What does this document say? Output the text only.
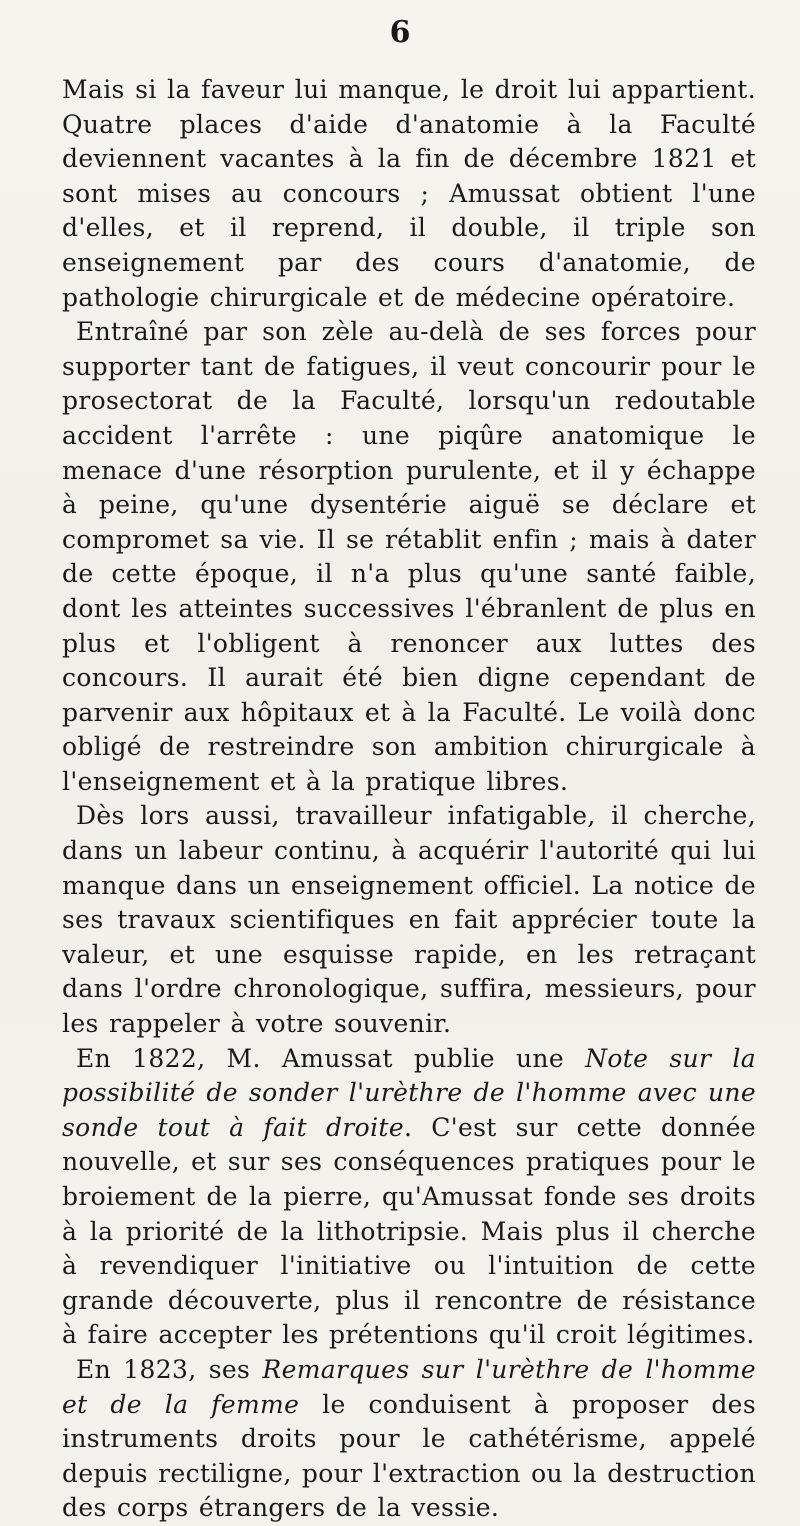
6

Mais si la faveur lui manque, le droit lui appartient. Quatre places d'aide d'anatomie à la Faculté deviennent vacantes à la fin de décembre 1821 et sont mises au concours ; Amussat obtient l'une d'elles, et il reprend, il double, il triple son enseignement par des cours d'anatomie, de pathologie chirurgicale et de médecine opératoire.

Entraîné par son zèle au-delà de ses forces pour supporter tant de fatigues, il veut concourir pour le prosectorat de la Faculté, lorsqu'un redoutable accident l'arrête : une piqûre anatomique le menace d'une résorption purulente, et il y échappe à peine, qu'une dysentérie aiguë se déclare et compromet sa vie. Il se rétablit enfin ; mais à dater de cette époque, il n'a plus qu'une santé faible, dont les atteintes successives l'ébranlent de plus en plus et l'obligent à renoncer aux luttes des concours. Il aurait été bien digne cependant de parvenir aux hôpitaux et à la Faculté. Le voilà donc obligé de restreindre son ambition chirurgicale à l'enseignement et à la pratique libres.

Dès lors aussi, travailleur infatigable, il cherche, dans un labeur continu, à acquérir l'autorité qui lui manque dans un enseignement officiel. La notice de ses travaux scientifiques en fait apprécier toute la valeur, et une esquisse rapide, en les retraçant dans l'ordre chronologique, suffira, messieurs, pour les rappeler à votre souvenir.

En 1822, M. Amussat publie une Note sur la possibilité de sonder l'urèthre de l'homme avec une sonde tout à fait droite. C'est sur cette donnée nouvelle, et sur ses conséquences pratiques pour le broiement de la pierre, qu'Amussat fonde ses droits à la priorité de la lithotripsie. Mais plus il cherche à revendiquer l'initiative ou l'intuition de cette grande découverte, plus il rencontre de résistance à faire accepter les prétentions qu'il croit légitimes.

En 1823, ses Remarques sur l'urèthre de l'homme et de la femme le conduisent à proposer des instruments droits pour le cathétérisme, appelé depuis rectiligne, pour l'extraction ou la destruction des corps étrangers de la vessie.
